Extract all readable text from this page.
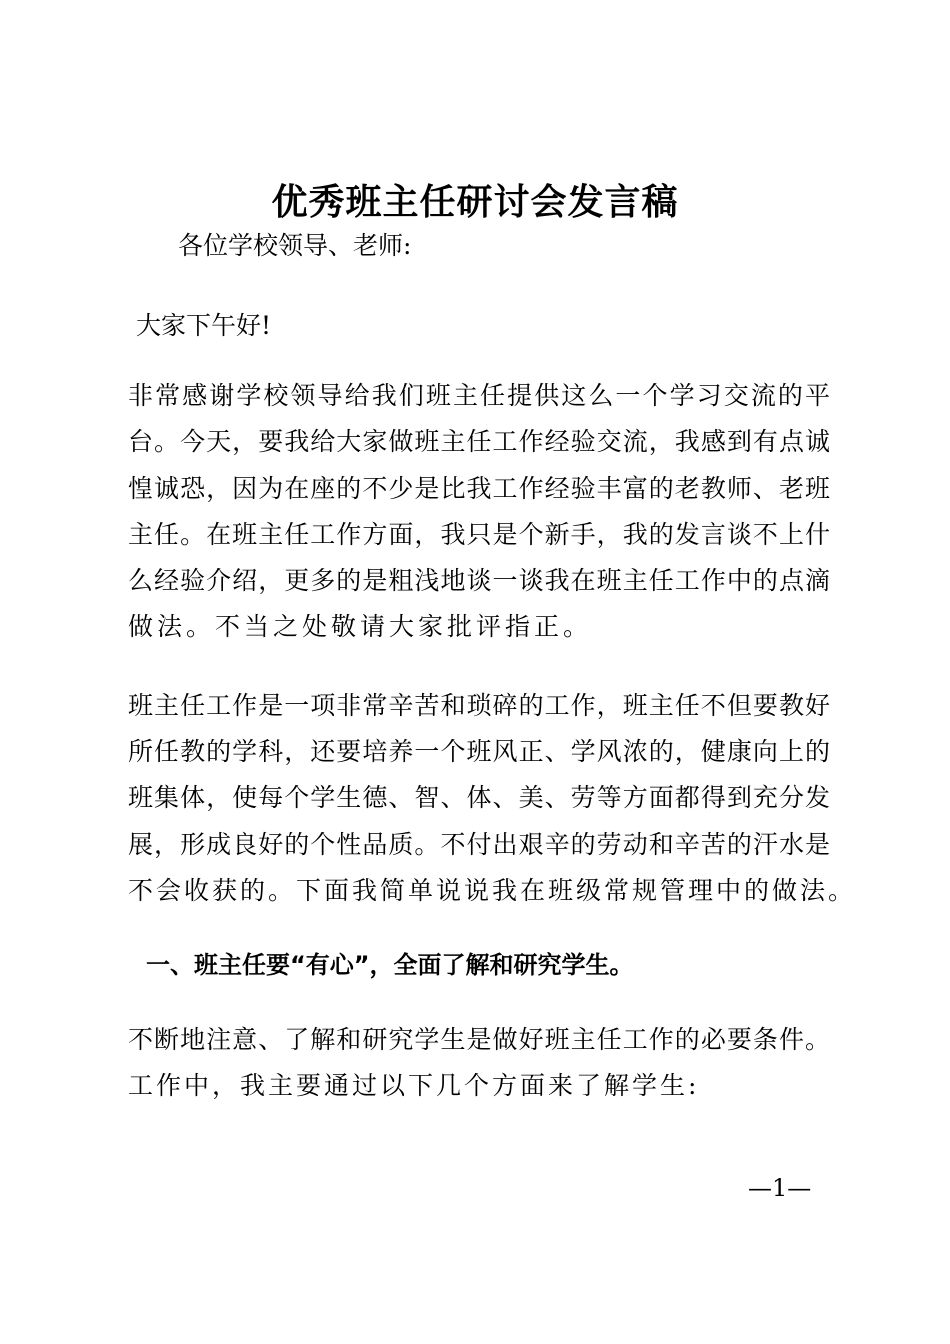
优秀班主任研讨会发言稿
各位学校领导、老师:
大家下午好!
非常感谢学校领导给我们班主任提供这么一个学习交流的平
台。今天，要我给大家做班主任工作经验交流，我感到有点诚
惶诚恐，因为在座的不少是比我工作经验丰富的老教师、老班
主任。在班主任工作方面，我只是个新手，我的发言谈不上什
么经验介绍，更多的是粗浅地谈一谈我在班主任工作中的点滴
做法。不当之处敬请大家批评指正。
班主任工作是一项非常辛苦和琐碎的工作，班主任不但要教好
所任教的学科，还要培养一个班风正、学风浓的，健康向上的
班集体，使每个学生德、智、体、美、劳等方面都得到充分发
展，形成良好的个性品质。不付出艰辛的劳动和辛苦的汗水是
不会收获的。下面我简单说说我在班级常规管理中的做法。
一、班主任要“有心”，全面了解和研究学生。
不断地注意、了解和研究学生是做好班主任工作的必要条件。
工作中，我主要通过以下几个方面来了解学生:
—1—
